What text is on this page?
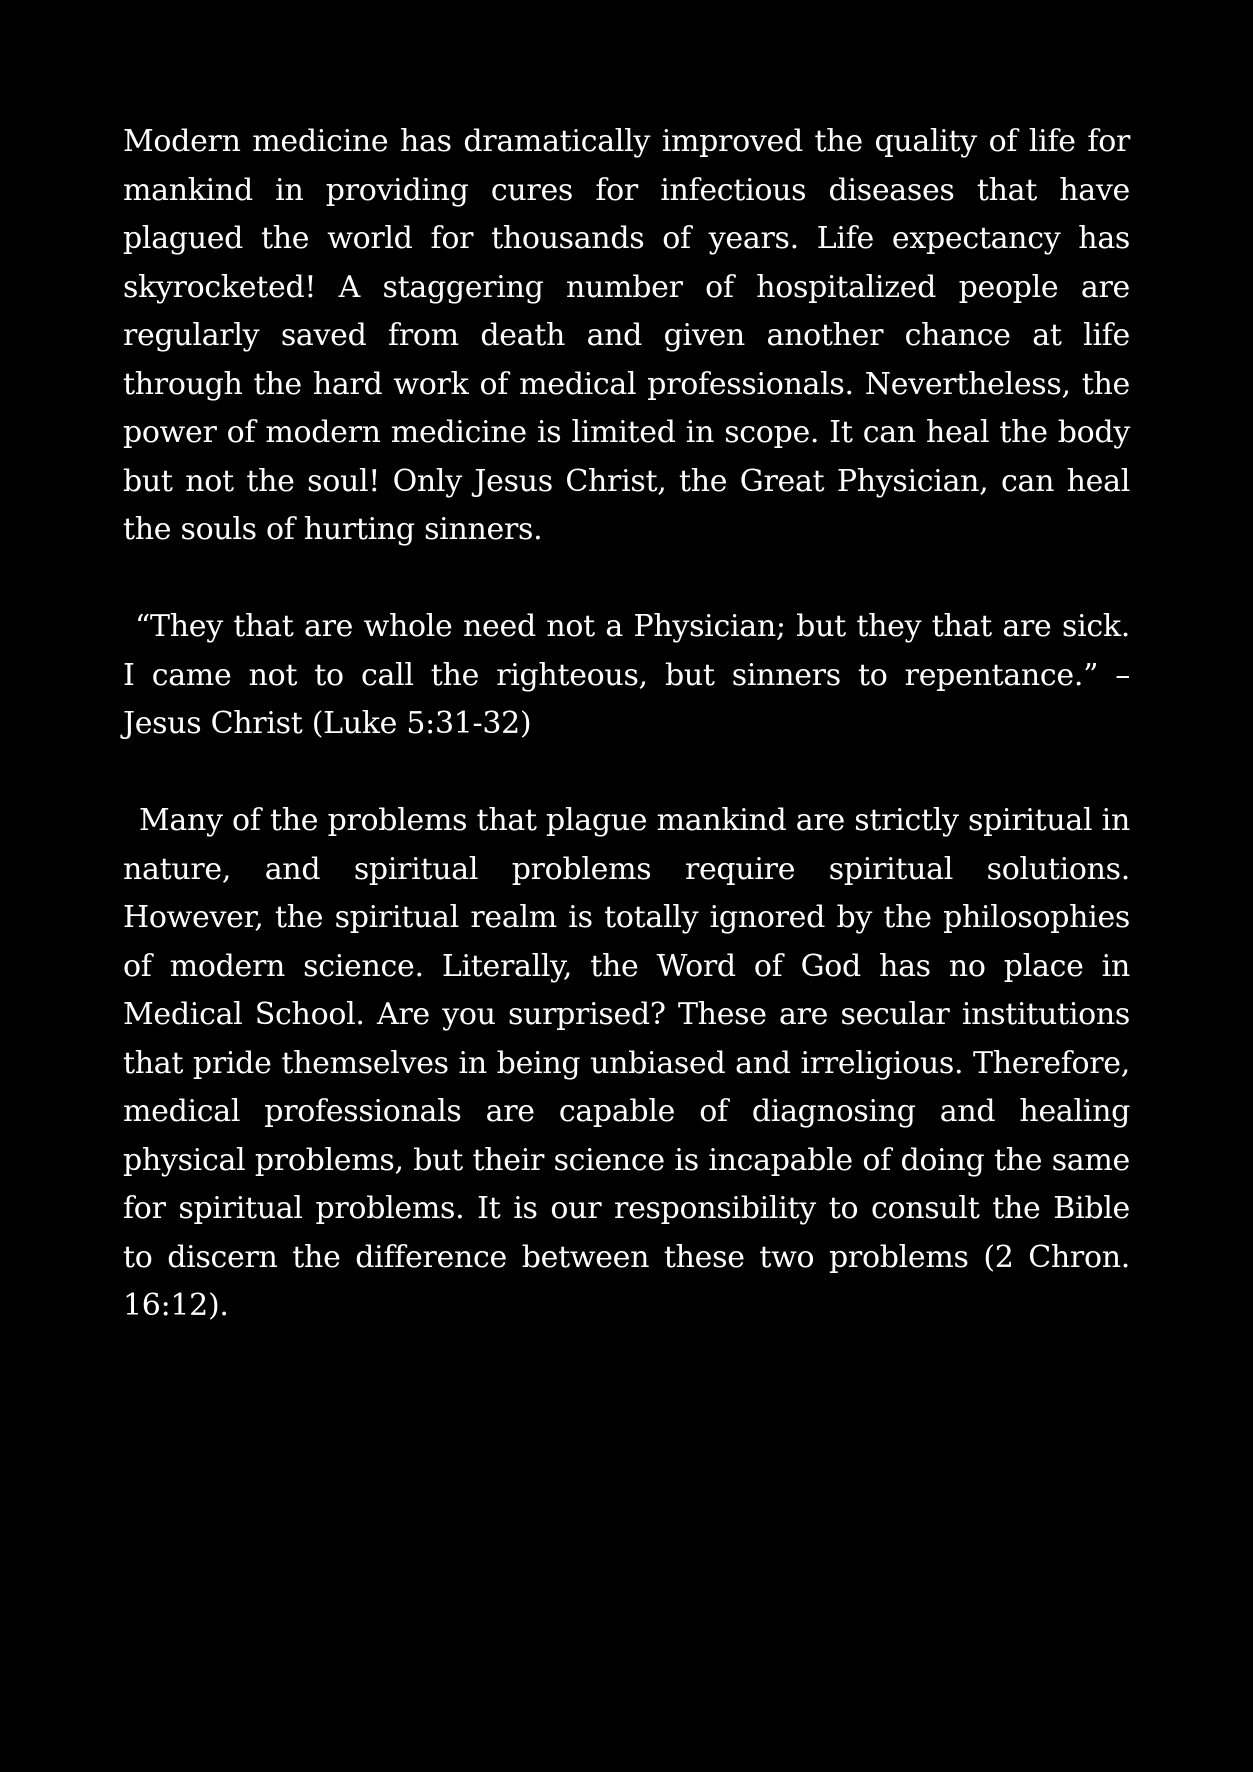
Modern medicine has dramatically improved the quality of life for mankind in providing cures for infectious diseases that have plagued the world for thousands of years. Life expectancy has skyrocketed! A staggering number of hospitalized people are regularly saved from death and given another chance at life through the hard work of medical professionals. Nevertheless, the power of modern medicine is limited in scope. It can heal the body but not the soul! Only Jesus Christ, the Great Physician, can heal the souls of hurting sinners.

“They that are whole need not a Physician; but they that are sick. I came not to call the righteous, but sinners to repentance.” – Jesus Christ (Luke 5:31-32)

Many of the problems that plague mankind are strictly spiritual in nature, and spiritual problems require spiritual solutions. However, the spiritual realm is totally ignored by the philosophies of modern science. Literally, the Word of God has no place in Medical School. Are you surprised? These are secular institutions that pride themselves in being unbiased and irreligious. Therefore, medical professionals are capable of diagnosing and healing physical problems, but their science is incapable of doing the same for spiritual problems. It is our responsibility to consult the Bible to discern the difference between these two problems (2 Chron. 16:12).
